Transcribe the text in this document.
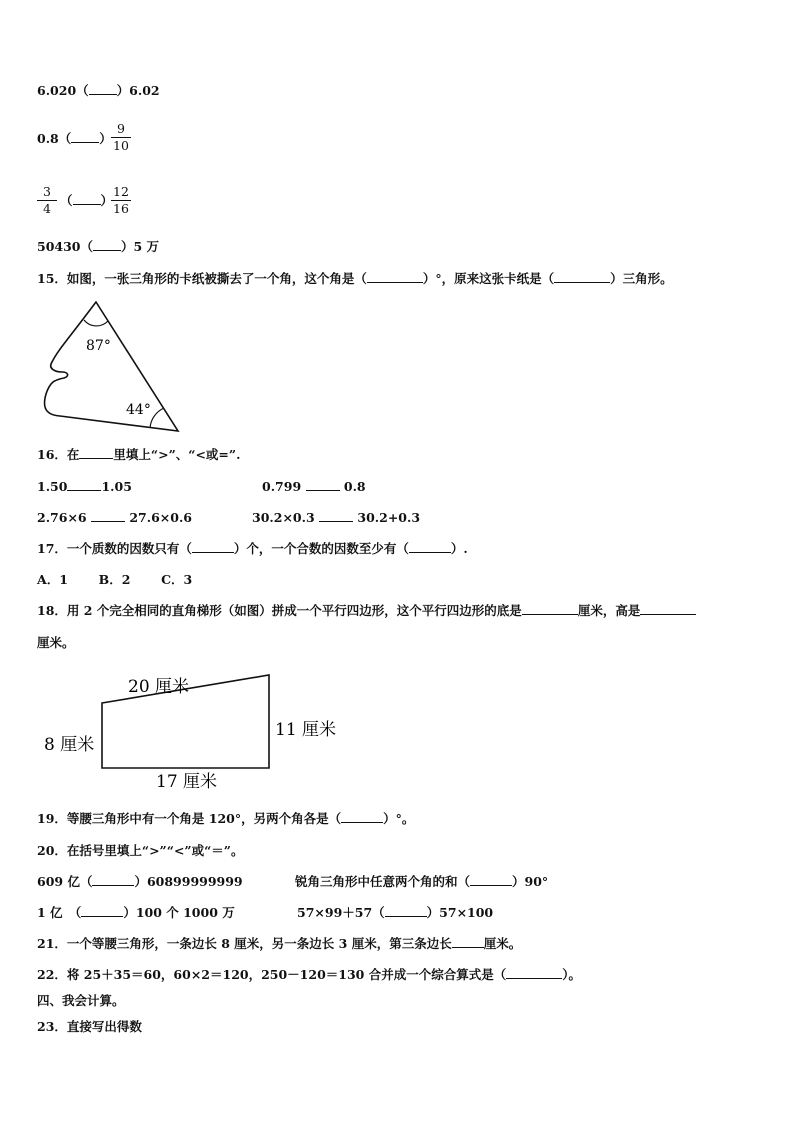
6.020（ ）6.02
0.8（ ） $\frac{9}{10}$
$\frac{3}{4}$ （ ）
$\frac{12}{16}$
50430（ ）5 万
15．如图，一张三角形的卡纸被撕去了一个角，这个角是（	）°，原来这张卡纸是（	）三角形。
87°
44°
16．在	里填上“>”、“<或=”.
1.50	1.05	0.799	0.8
2.76×6	27.6×0.6	30.2×0.3	30.2+0.3
17．一个质数的因数只有（	）个，一个合数的因数至少有（	）.
A．1 B．2 C．3
18．用 2 个完全相同的直角梯形（如图）拼成一个平行四边形，这个平行四边形的底是	厘米，高是
厘米。
20 厘米
8 厘米
11 厘米
17 厘米
19．等腰三角形中有一个角是 120°，另两个角各是（	）°。
20．在括号里填上“>”“<”或“＝”。
609 亿（	）60899999999	锐角三角形中任意两个角的和（	）90°
1 亿　（	）100 个 1000 万	57×99＋57（	）57×100
21．一个等腰三角形，一条边长 8 厘米，另一条边长 3 厘米，第三条边长	厘米。
22．将 25＋35＝60，60×2＝120，250－120＝130 合并成一个综合算式是（	）。
四、我会计算。
23．直接写出得数
